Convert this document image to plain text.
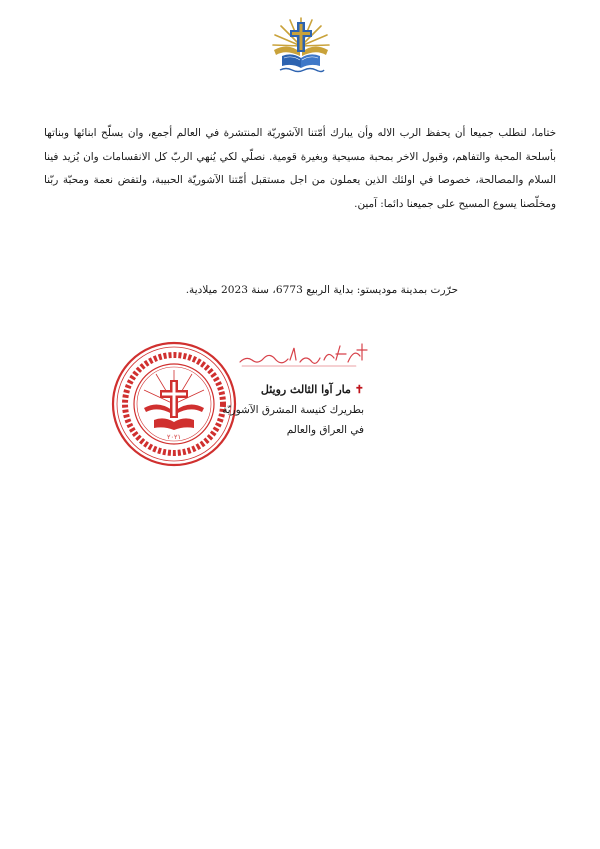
ختاما، لنطلب جميعا أن يحفظ الرب الاله وأن يبارك أمّتنا الآشوريّة المنتشرة في العالم أجمع، وان يسلّح ابنائها وبناتها بأسلحة المحبة والتفاهم، وقبول الاخر بمحبة مسيحية وبغيرة قومية. نصلّي لكي يُنهي الربّ كل الانقسامات وان يُزيد فينا السلام والمصالحة، خصوصا في اولئك الذين يعملون من اجل مستقبل أمّتنا الآشوريّة الحبيبة، ولتفض نعمة ومحبّة ربّنا ومخلّصنا يسوع المسيح على جميعنا دائما: آمين.

حرّرت بمدينة موديستو: بداية الربيع 6773، سنة 2023 ميلادية.
٢٠٢١
✝ مار آوا الثالث رويئل
بطريرك كنيسة المشرق الآشوريّة
في العراق والعالم
